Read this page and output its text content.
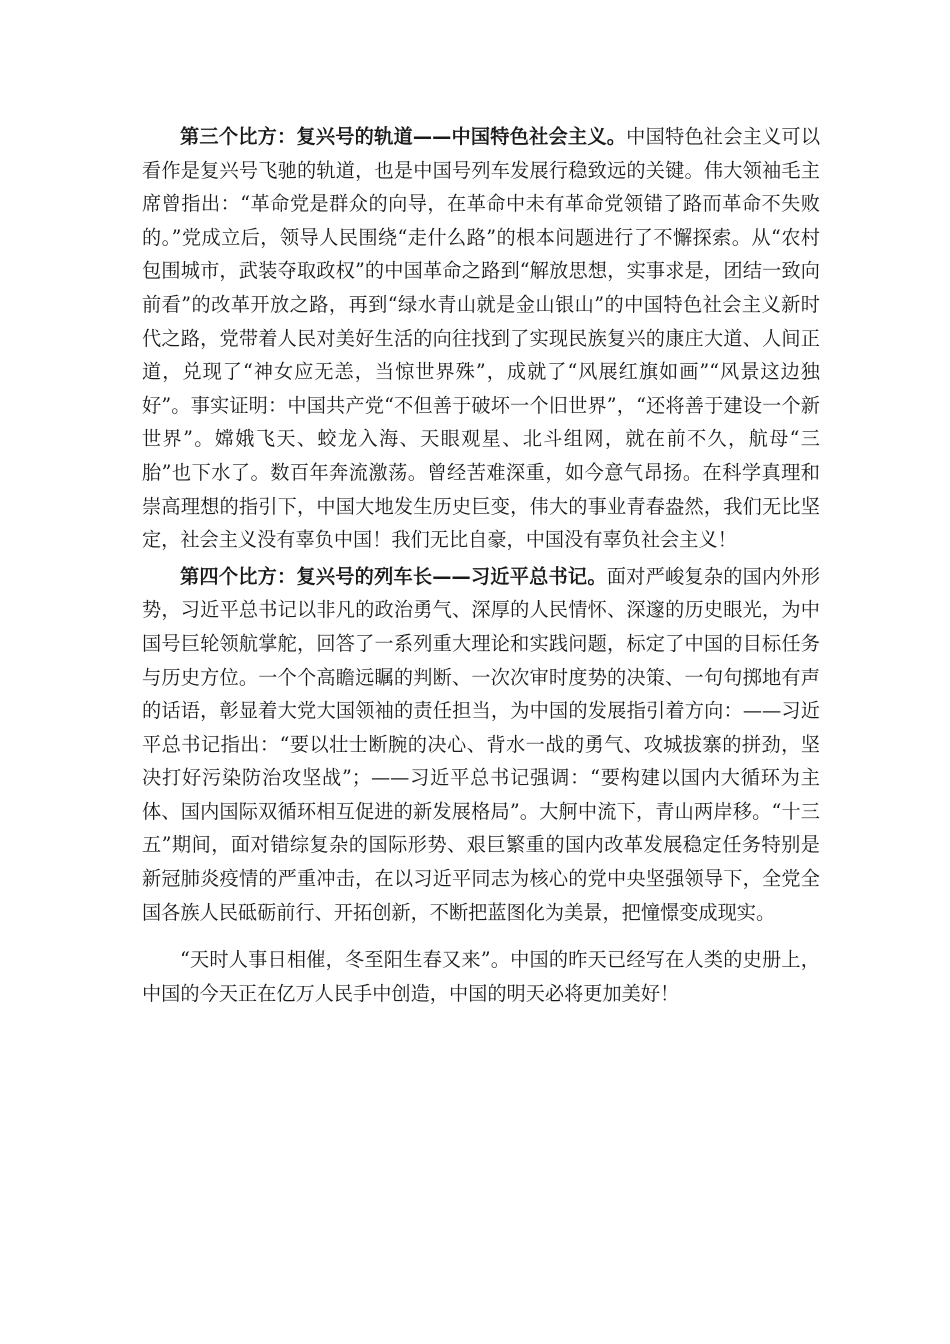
第三个比方：复兴号的轨道——中国特色社会主义。中国特色社会主义可以看作是复兴号飞驰的轨道，也是中国号列车发展行稳致远的关键。伟大领袖毛主席曾指出：“革命党是群众的向导，在革命中未有革命党领错了路而革命不失败的。”党成立后，领导人民围绕“走什么路”的根本问题进行了不懈探索。从“农村包围城市，武装夺取政权”的中国革命之路到“解放思想，实事求是，团结一致向前看”的改革开放之路，再到“绿水青山就是金山银山”的中国特色社会主义新时代之路，党带着人民对美好生活的向往找到了实现民族复兴的康庄大道、人间正道，兑现了“神女应无恙，当惊世界殊”，成就了“风展红旗如画”“风景这边独好”。事实证明：中国共产党“不但善于破坏一个旧世界”，“还将善于建设一个新世界”。嫦娥飞天、蛟龙入海、天眼观星、北斗组网，就在前不久，航母“三胎”也下水了。数百年奔流激荡。曾经苦难深重，如今意气昂扬。在科学真理和崇高理想的指引下，中国大地发生历史巨变，伟大的事业青春盎然，我们无比坚定，社会主义没有辜负中国！我们无比自豪，中国没有辜负社会主义！

第四个比方：复兴号的列车长——习近平总书记。面对严峻复杂的国内外形势，习近平总书记以非凡的政治勇气、深厚的人民情怀、深邃的历史眼光，为中国号巨轮领航掌舵，回答了一系列重大理论和实践问题，标定了中国的目标任务与历史方位。一个个高瞻远瞩的判断、一次次审时度势的决策、一句句掷地有声的话语，彰显着大党大国领袖的责任担当，为中国的发展指引着方向：——习近平总书记指出：“要以壮士断腕的决心、背水一战的勇气、攻城拔寨的拼劲，坚决打好污染防治攻坚战”；——习近平总书记强调：“要构建以国内大循环为主体、国内国际双循环相互促进的新发展格局”。大舸中流下，青山两岸移。“十三五”期间，面对错综复杂的国际形势、艰巨繁重的国内改革发展稳定任务特别是新冠肺炎疫情的严重冲击，在以习近平同志为核心的党中央坚强领导下，全党全国各族人民砥砺前行、开拓创新，不断把蓝图化为美景，把憧憬变成现实。

“天时人事日相催，冬至阳生春又来”。中国的昨天已经写在人类的史册上，中国的今天正在亿万人民手中创造，中国的明天必将更加美好！
